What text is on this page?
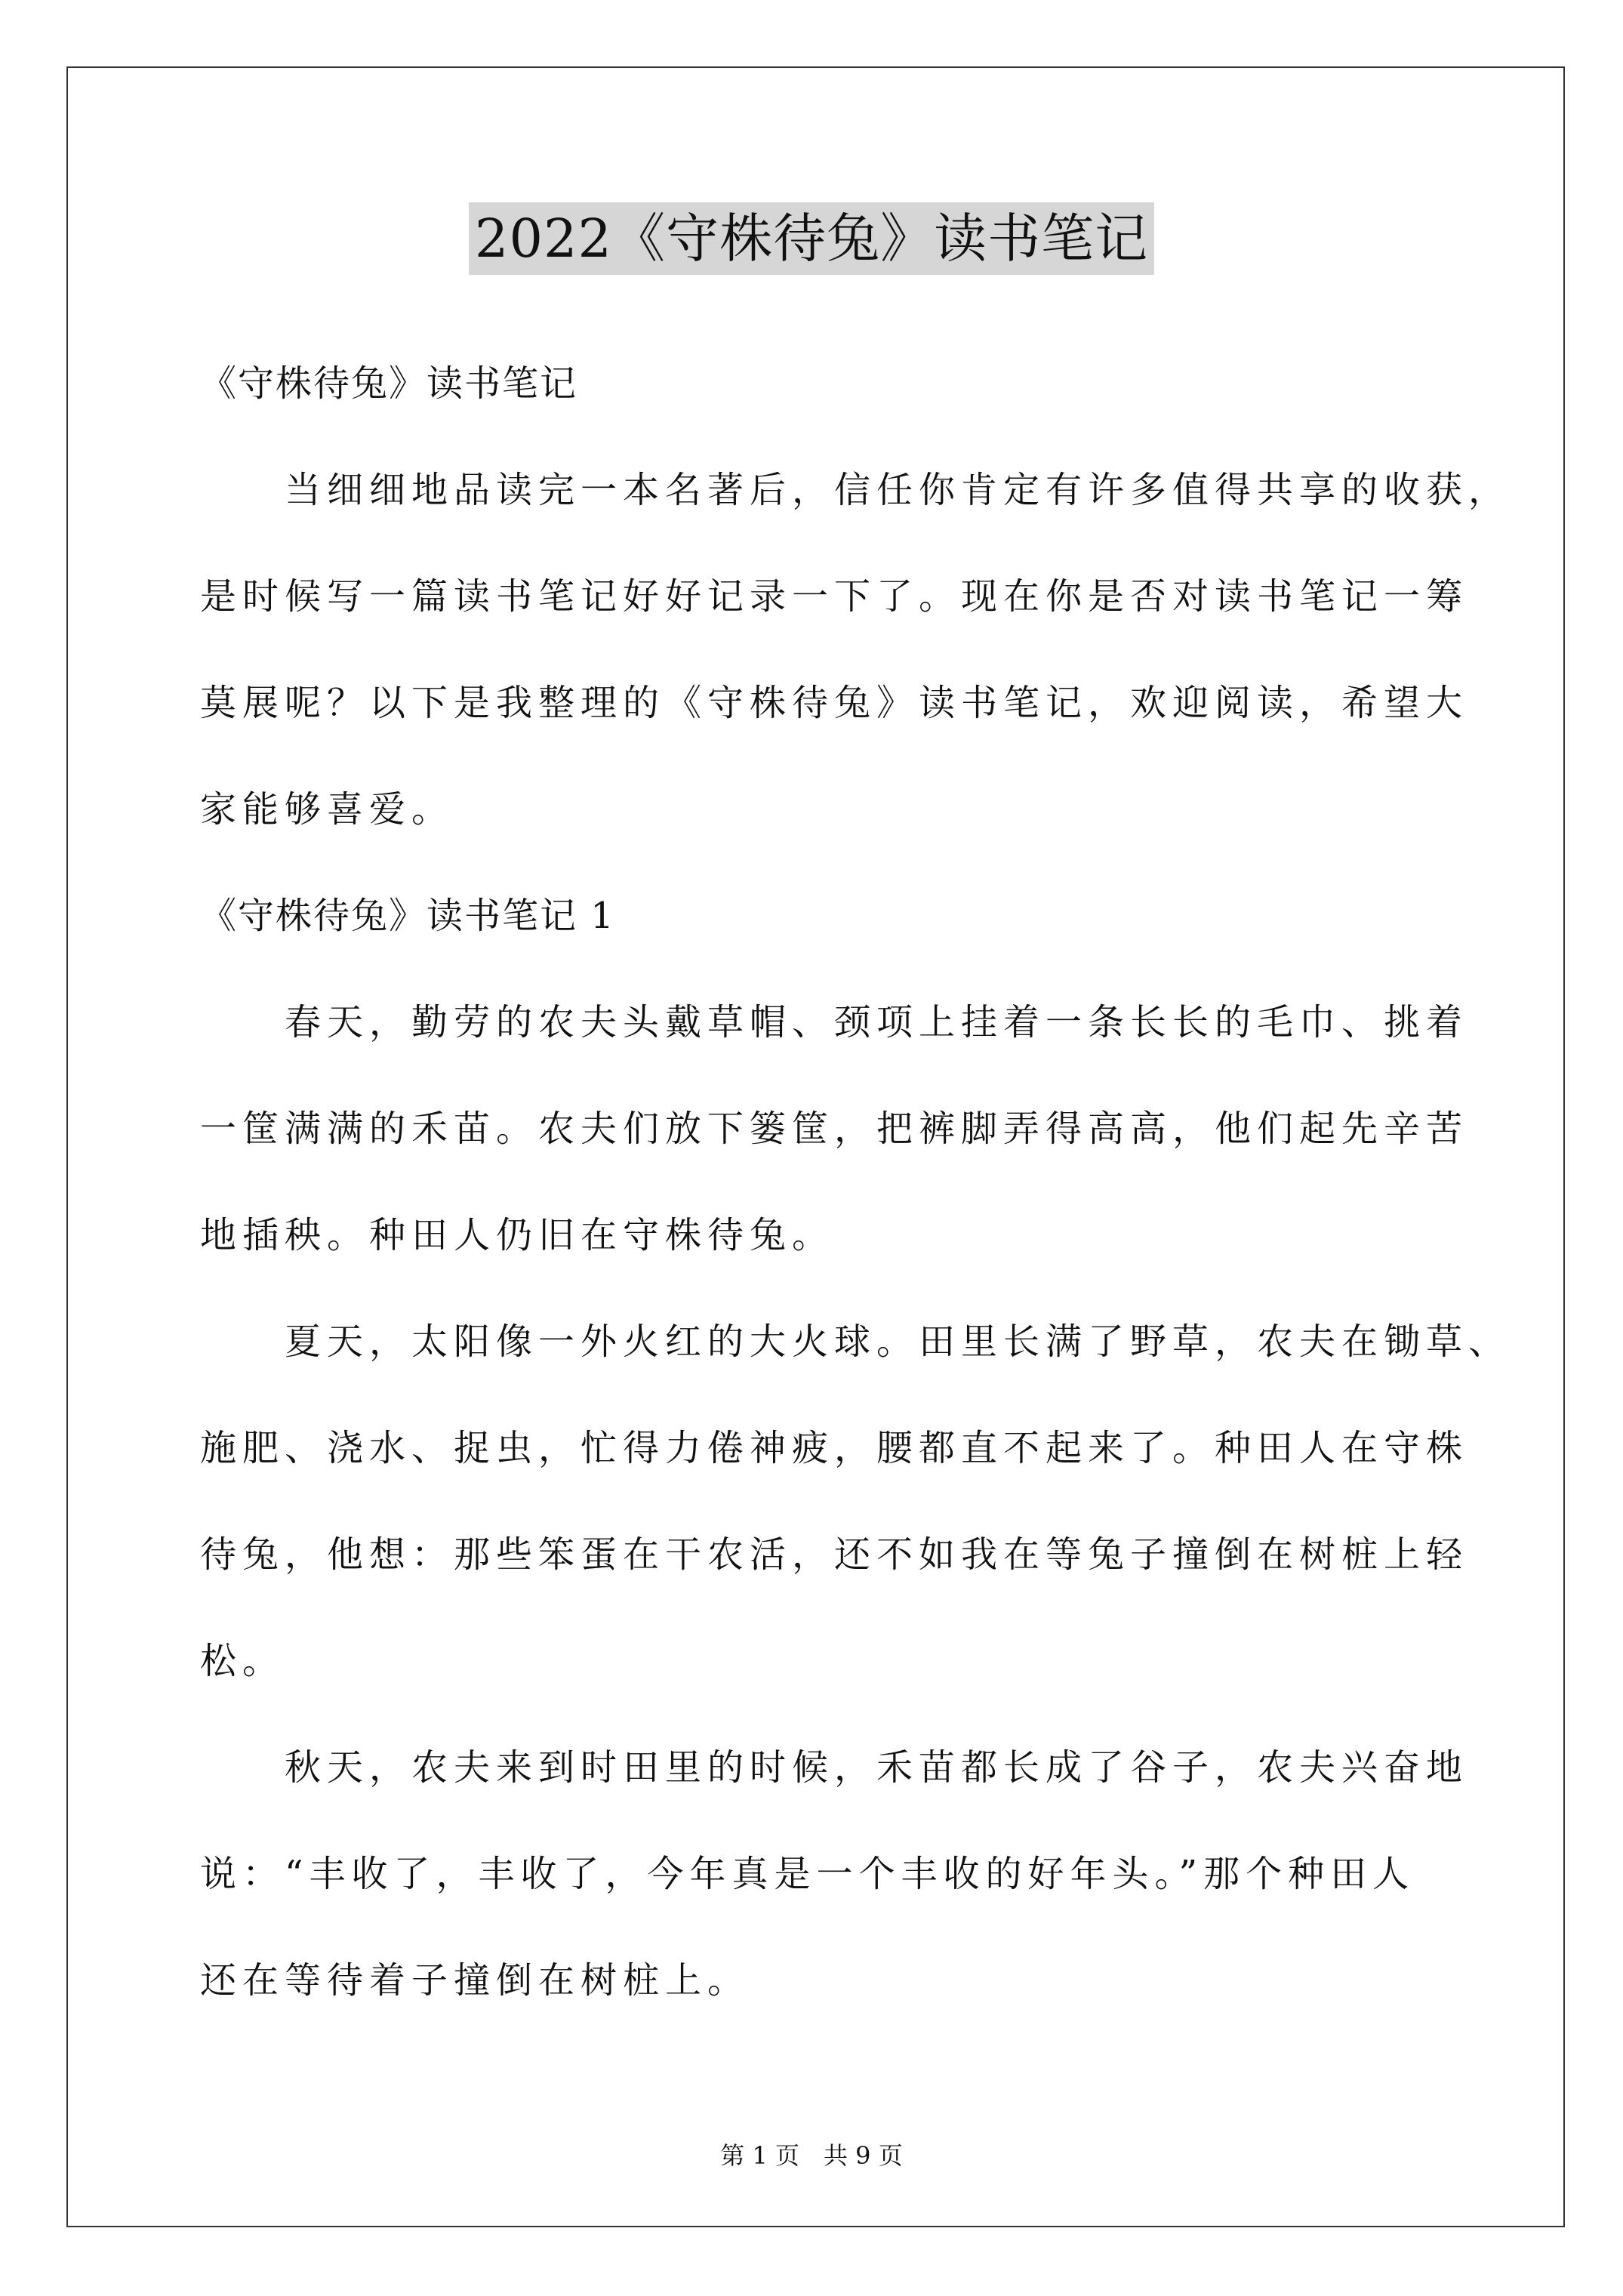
2022《守株待兔》读书笔记
《守株待兔》读书笔记
　　当细细地品读完一本名著后，信任你肯定有许多值得共享的收获，
是时候写一篇读书笔记好好记录一下了。现在你是否对读书笔记一筹
莫展呢？以下是我整理的《守株待兔》读书笔记，欢迎阅读，希望大
家能够喜爱。
《守株待兔》读书笔记 1
　　春天，勤劳的农夫头戴草帽、颈项上挂着一条长长的毛巾、挑着
一筐满满的禾苗。农夫们放下篓筐，把裤脚弄得高高，他们起先辛苦
地插秧。种田人仍旧在守株待兔。
　　夏天，太阳像一外火红的大火球。田里长满了野草，农夫在锄草、
施肥、浇水、捉虫，忙得力倦神疲，腰都直不起来了。种田人在守株
待兔，他想：那些笨蛋在干农活，还不如我在等兔子撞倒在树桩上轻
松。
　　秋天，农夫来到时田里的时候，禾苗都长成了谷子，农夫兴奋地
说：“丰收了，丰收了，今年真是一个丰收的好年头。”那个种田人
还在等待着子撞倒在树桩上。
第 1 页　共 9 页
